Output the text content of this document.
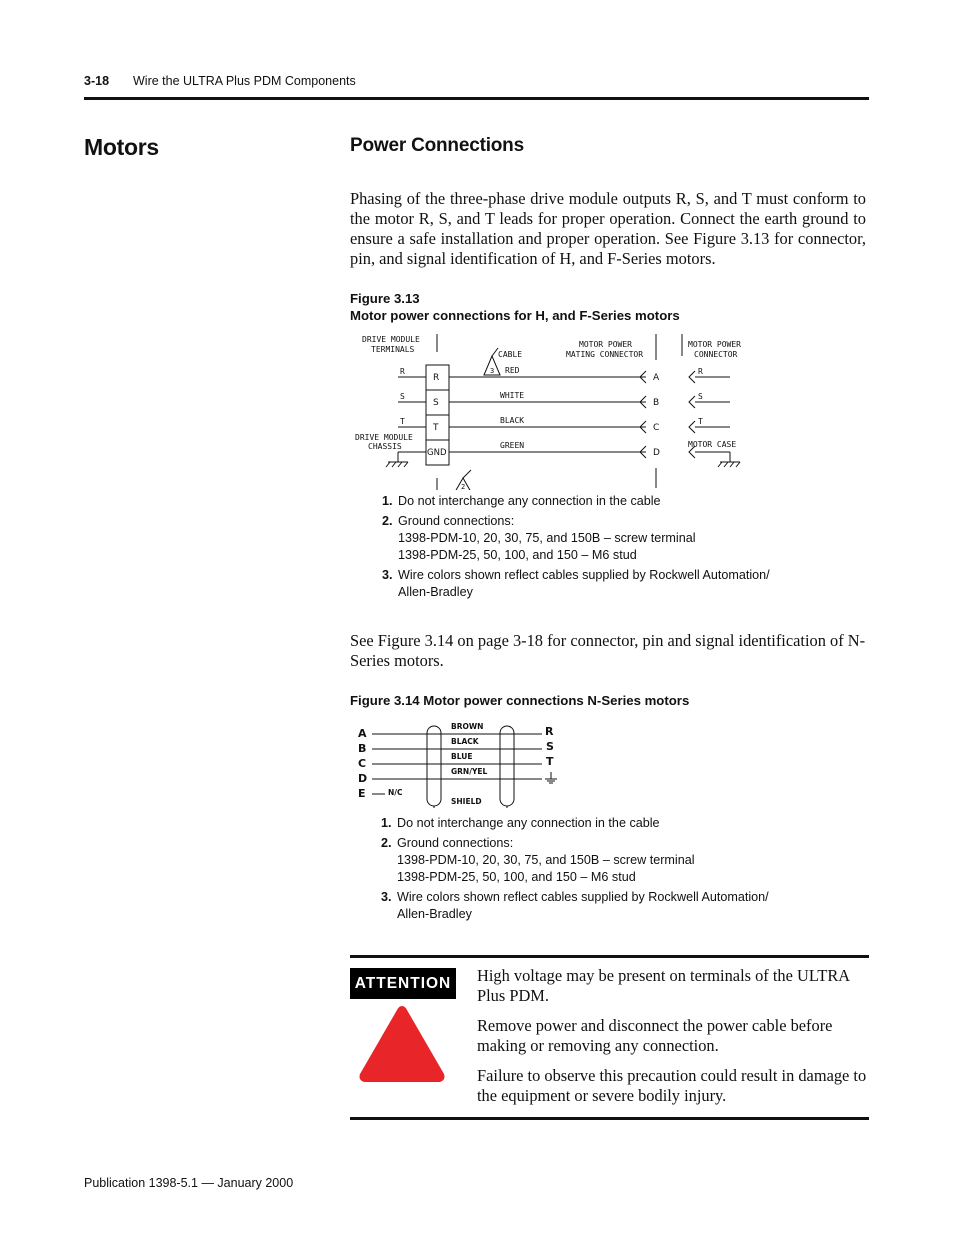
3-18 Wire the ULTRA Plus PDM Components
Motors	Power Connections
Phasing of the three-phase drive module outputs R, S, and T must conform to the motor R, S, and T leads for proper operation. Connect the earth ground to ensure a safe installation and proper operation. See Figure 3.13 for connector, pin, and signal identification of H, and F-Series motors.
Figure 3.13
Motor power connections for H, and F-Series motors
DRIVE MODULE
TERMINALS
DRIVE MODULE
CHASSIS
CABLE
MOTOR POWER
MATING CONNECTOR
MOTOR POWER
CONNECTOR
MOTOR CASE
R
S
T
R
S
T
GND
RED
WHITE
BLACK
GREEN
A
B
C
D
R
S
T
3
2
1. Do not interchange any connection in the cable
2. Ground connections:
1398-PDM-10, 20, 30, 75, and 150B – screw terminal
1398-PDM-25, 50, 100, and 150 – M6 stud
3. Wire colors shown reflect cables supplied by Rockwell Automation/
Allen-Bradley
See Figure 3.14 on page 3-18 for connector, pin and signal identification of N-Series motors.
Figure 3.14 Motor power connections N-Series motors
A
B
C
D
E
R
S
T
BROWN
BLACK
BLUE
GRN/YEL
N/C
SHIELD
1. Do not interchange any connection in the cable
2. Ground connections:
1398-PDM-10, 20, 30, 75, and 150B – screw terminal
1398-PDM-25, 50, 100, and 150 – M6 stud
3. Wire colors shown reflect cables supplied by Rockwell Automation/
Allen-Bradley
ATTENTION High voltage may be present on terminals of the ULTRA Plus PDM.

Remove power and disconnect the power cable before making or removing any connection.

Failure to observe this precaution could result in damage to the equipment or severe bodily injury.

Publication 1398-5.1 — January 2000
